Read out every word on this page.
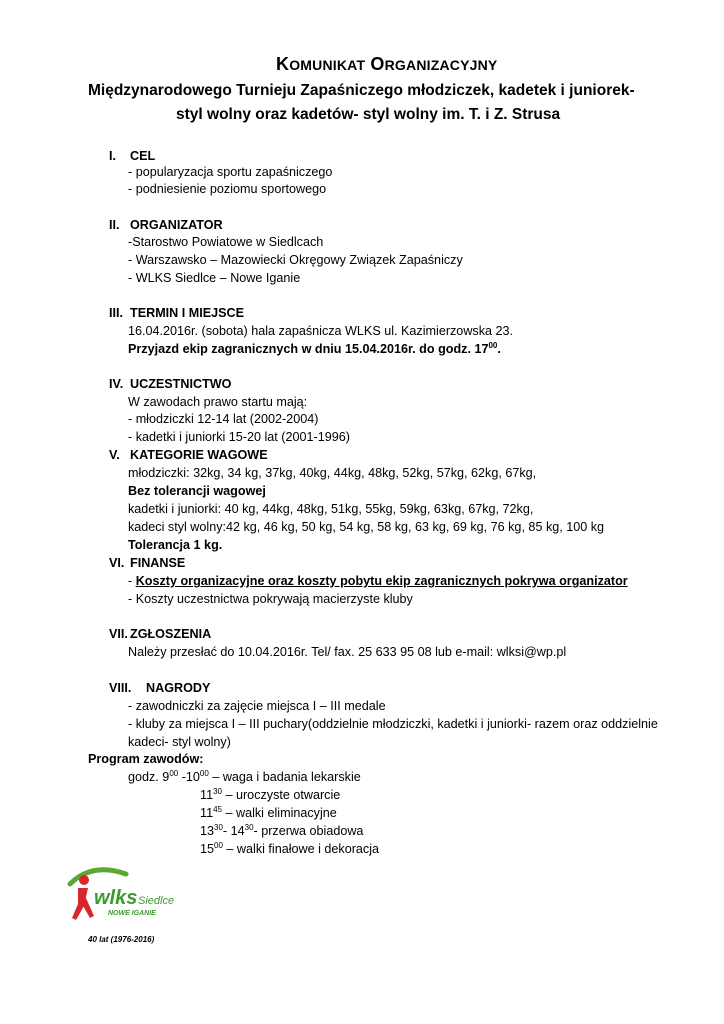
KOMUNIKAT ORGANIZACYJNY
Międzynarodowego Turnieju Zapaśniczego młodziczek, kadetek i juniorek-
styl wolny oraz kadetów- styl wolny im. T. i Z. Strusa
I. CEL
- popularyzacja sportu zapaśniczego
- podniesienie poziomu sportowego
II. ORGANIZATOR
-Starostwo Powiatowe w Siedlcach
- Warszawsko – Mazowiecki Okręgowy Związek Zapaśniczy
- WLKS Siedlce – Nowe Iganie
III. TERMIN I MIEJSCE
16.04.2016r. (sobota) hala zapaśnicza WLKS ul. Kazimierzowska 23.
Przyjazd ekip zagranicznych w dniu 15.04.2016r. do godz. $17^{00}$.
IV. UCZESTNICTWO
W zawodach prawo startu mają:
- młodziczki 12-14 lat (2002-2004)
- kadetki i juniorki 15-20 lat (2001-1996)
V. KATEGORIE WAGOWE
młodziczki: 32kg, 34 kg, 37kg, 40kg, 44kg, 48kg, 52kg, 57kg, 62kg, 67kg,
Bez tolerancji wagowej
kadetki i juniorki: 40 kg, 44kg, 48kg, 51kg, 55kg, 59kg, 63kg, 67kg, 72kg,
kadeci styl wolny:42 kg, 46 kg, 50 kg, 54 kg, 58 kg, 63 kg, 69 kg, 76 kg, 85 kg, 100 kg
Tolerancja 1 kg.
VI. FINANSE
- Koszty organizacyjne oraz koszty pobytu ekip zagranicznych pokrywa organizator
- Koszty uczestnictwa pokrywają macierzyste kluby
VII. ZGŁOSZENIA
Należy przesłać do 10.04.2016r. Tel/ fax. 25 633 95 08 lub e-mail: wlksi@wp.pl
VIII. NAGRODY
- zawodniczki za zajęcie miejsca I – III medale
- kluby za miejsca I – III puchary(oddzielnie młodziczki, kadetki i juniorki- razem oraz oddzielnie
kadeci- styl wolny)
Program zawodów:
godz. $9^{00}$ $-10^{00}$ – waga i badania lekarskie
$11^{30}$ – uroczyste otwarcie
$11^{45}$ – walki eliminacyjne
$13^{30}-$ $14^{30}-$ przerwa obiadowa
$15^{00}$ – walki finałowe i dekoracja
wlks Siedlce
NOWE IGANIE
40 lat (1976-2016)
